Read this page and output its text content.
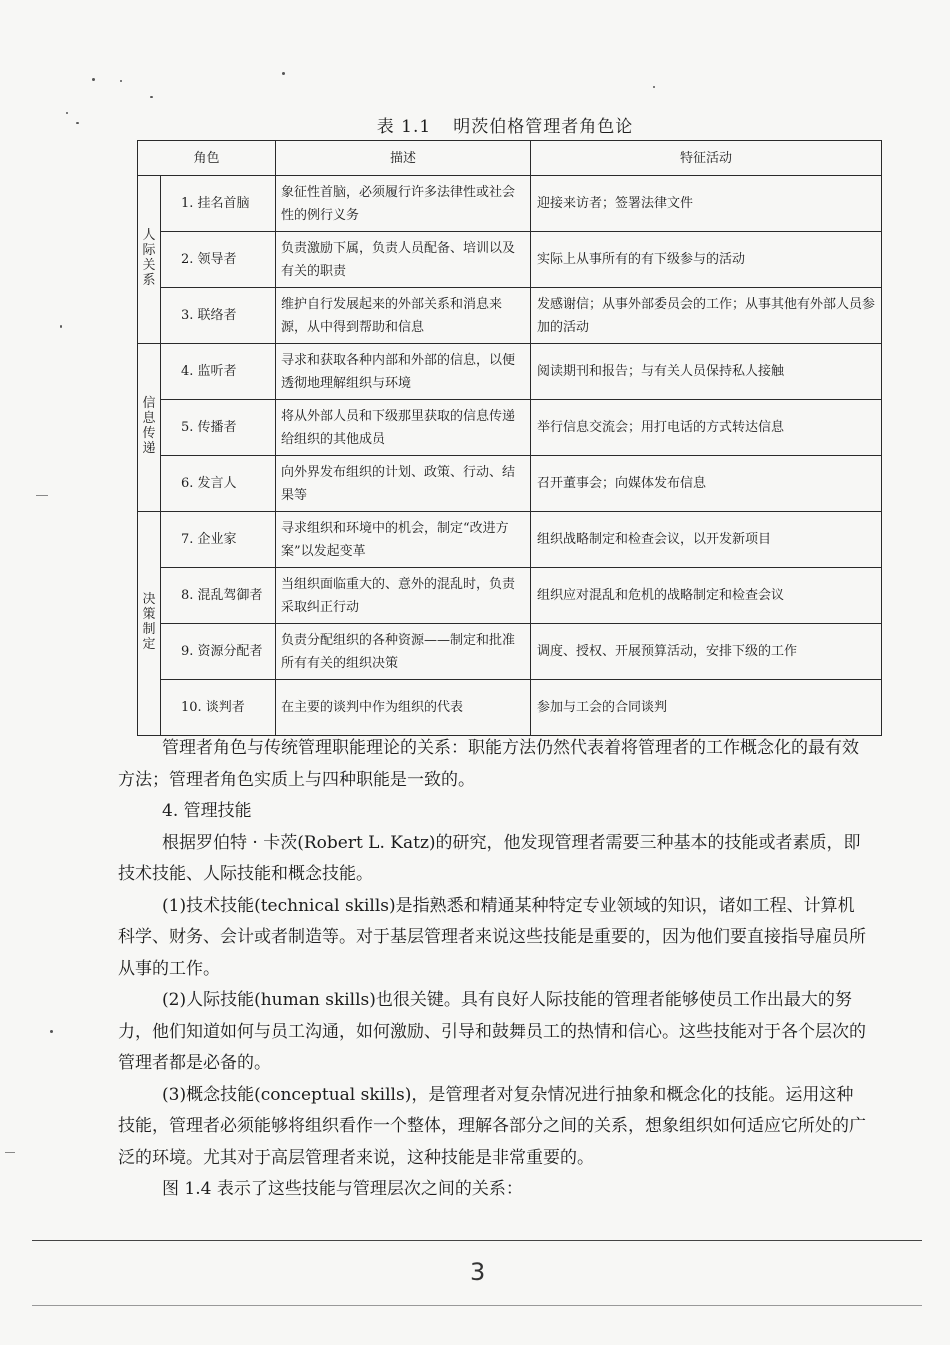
表 1.1 明茨伯格管理者角色论
角色		描述	特征活动
人际关系	1. 挂名首脑	象征性首脑，必须履行许多法律性或社会性的例行义务	迎接来访者；签署法律文件
	2. 领导者	负责激励下属，负责人员配备、培训以及有关的职责	实际上从事所有的有下级参与的活动
	3. 联络者	维护自行发展起来的外部关系和消息来源，从中得到帮助和信息	发感谢信；从事外部委员会的工作；从事其他有外部人员参加的活动
信息传递	4. 监听者	寻求和获取各种内部和外部的信息，以便透彻地理解组织与环境	阅读期刊和报告；与有关人员保持私人接触
	5. 传播者	将从外部人员和下级那里获取的信息传递给组织的其他成员	举行信息交流会；用打电话的方式转达信息
	6. 发言人	向外界发布组织的计划、政策、行动、结果等	召开董事会；向媒体发布信息
决策制定	7. 企业家	寻求组织和环境中的机会，制定“改进方案”以发起变革	组织战略制定和检查会议，以开发新项目
	8. 混乱驾御者	当组织面临重大的、意外的混乱时，负责采取纠正行动	组织应对混乱和危机的战略制定和检查会议
	9. 资源分配者	负责分配组织的各种资源——制定和批准所有有关的组织决策	调度、授权、开展预算活动，安排下级的工作
	10. 谈判者	在主要的谈判中作为组织的代表	参加与工会的合同谈判

管理者角色与传统管理职能理论的关系：职能方法仍然代表着将管理者的工作概念化的最有效方法；管理者角色实质上与四种职能是一致的。

4. 管理技能

根据罗伯特 · 卡茨(Robert L. Katz)的研究，他发现管理者需要三种基本的技能或者素质，即技术技能、人际技能和概念技能。

(1)技术技能(technical skills)是指熟悉和精通某种特定专业领域的知识，诸如工程、计算机科学、财务、会计或者制造等。对于基层管理者来说这些技能是重要的，因为他们要直接指导雇员所从事的工作。

(2)人际技能(human skills)也很关键。具有良好人际技能的管理者能够使员工作出最大的努力，他们知道如何与员工沟通，如何激励、引导和鼓舞员工的热情和信心。这些技能对于各个层次的管理者都是必备的。

(3)概念技能(conceptual skills)，是管理者对复杂情况进行抽象和概念化的技能。运用这种技能，管理者必须能够将组织看作一个整体，理解各部分之间的关系，想象组织如何适应它所处的广泛的环境。尤其对于高层管理者来说，这种技能是非常重要的。

图 1.4 表示了这些技能与管理层次之间的关系：

3
